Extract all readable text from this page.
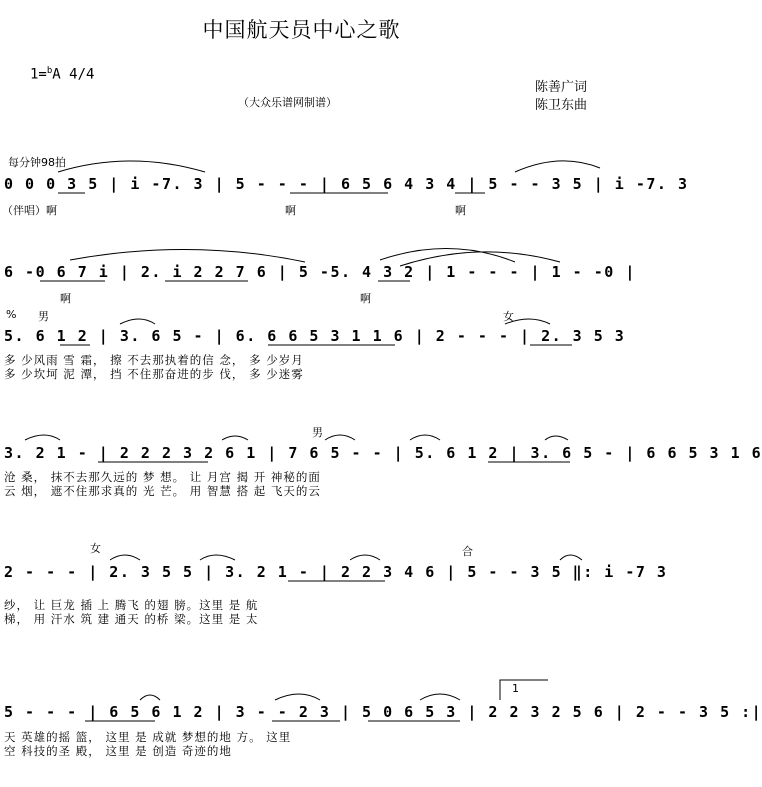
中国航天员中心之歌
1=$^b$A 4/4
陈善广词
陈卫东曲
（大众乐谱网制谱）
每分钟98拍
0 0 0 3 5 | i -7. 3 | 5 - - - | 6 5 6 4 3 4 | 5 - - 3 5 | i -7. 3
（伴唱）啊	啊	啊
6 -0 6 7 i | 2. i 2 2 7 6 | 5 -5. 4 3 2 | 1 - - - | 1 - -0 |
啊	啊
% 男	女
5. 6 1 2 | 3. 6 5 - | 6. 6 6 5 3 1 1 6 | 2 - - - | 2. 3 5 3
多 少风雨 雪 霜， 擦 不去那执着的信 念， 多 少岁月
多 少坎坷 泥 潭， 挡 不住那奋进的步 伐， 多 少迷雾
男
3. 2 1 - | 2 2 2 3 2 6 1 | 7 6 5 - - | 5. 6 1 2 | 3. 6 5 - | 6 6 5 3 1 6
沧 桑， 抹不去那久远的 梦 想。 让 月宫 揭 开 神秘的面
云 烟， 遮不住那求真的 光 芒。 用 智慧 搭 起 飞天的云
女	合
2 - - - | 2. 3 5 5 | 3. 2 1 - | 2 2 3 4 6 | 5 - - 3 5 ‖: i -7 3
纱， 让 巨龙 插 上 腾飞 的翅 膀。这里 是 航
梯， 用 汗水 筑 建 通天 的桥 梁。这里 是 太
1
5 - - - | 6 5 6 1 2 | 3 - - 2 3 | 5 0 6 5 3 | 2 2 3 2 5 6 | 2 - - 3 5 :|
天 英雄的摇 篮， 这里 是 成就 梦想的地 方。 这里
空 科技的圣 殿， 这里 是 创造 奇迹的地
